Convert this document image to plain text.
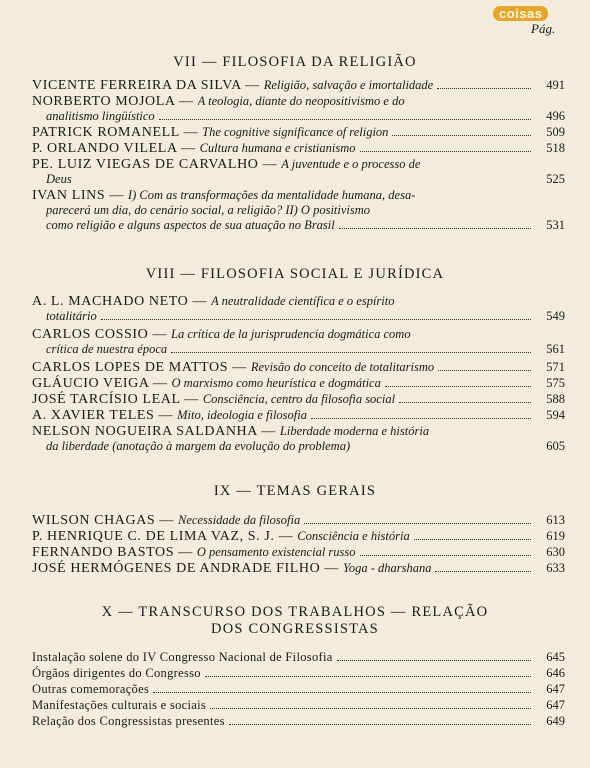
coisas
Pág.
VII — FILOSOFIA DA RELIGIÃO
VICENTE FERREIRA DA SILVA — Religião, salvação e imortalidade	491
NORBERTO MOJOLA — A teologia, diante do neopositivismo e do
analitismo lingüístico	496
PATRICK ROMANELL — The cognitive significance of religion	509
P. ORLANDO VILELA — Cultura humana e cristianismo	518
PE. LUIZ VIEGAS DE CARVALHO — A juventude e o processo de
Deus	525
IVAN LINS — I) Com as transformações da mentalidade humana, desa-
parecerá um dia, do cenário social, a religião? II) O positivismo
como religião e alguns aspectos de sua atuação no Brasil	531
VIII — FILOSOFIA SOCIAL E JURÍDICA
A. L. MACHADO NETO — A neutralidade científica e o espírito
totalitário	549
CARLOS COSSIO — La crítica de la jurisprudencia dogmática como
crítica de nuestra época	561
CARLOS LOPES DE MATTOS — Revisão do conceito de totalitarismo	571
GLÁUCIO VEIGA — O marxismo como heurística e dogmática	575
JOSÉ TARCÍSIO LEAL — Consciência, centro da filosofia social	588
A. XAVIER TELES — Mito, ideologia e filosofia	594
NELSON NOGUEIRA SALDANHA — Liberdade moderna e história
da liberdade (anotação à margem da evolução do problema)	605
IX — TEMAS GERAIS
WILSON CHAGAS — Necessidade da filosofia	613
P. HENRIQUE C. DE LIMA VAZ, S. J. — Consciência e história	619
FERNANDO BASTOS — O pensamento existencial russo	630
JOSÉ HERMÓGENES DE ANDRADE FILHO — Yoga - dharshana	633
X — TRANSCURSO DOS TRABALHOS — RELAÇÃO
DOS CONGRESSISTAS
Instalação solene do IV Congresso Nacional de Filosofia	645
Órgãos dirigentes do Congresso	646
Outras comemorações	647
Manifestações culturais e sociais	647
Relação dos Congressistas presentes	649
